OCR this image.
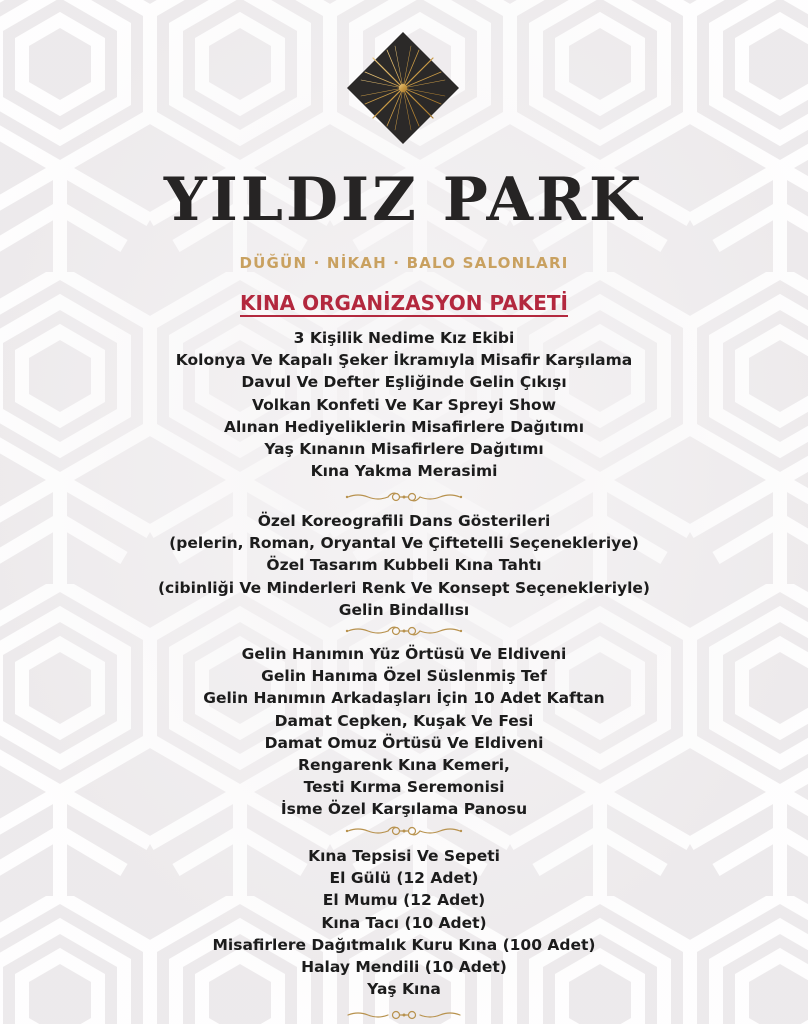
YILDIZ PARK
DÜĞÜN · NİKAH · BALO SALONLARI
KINA ORGANİZASYON PAKETİ
3 Kişilik Nedime Kız Ekibi
Kolonya Ve Kapalı Şeker İkramıyla Misafir Karşılama
Davul Ve Defter Eşliğinde Gelin Çıkışı
Volkan Konfeti Ve Kar Spreyi Show
Alınan Hediyeliklerin Misafirlere Dağıtımı
Yaş Kınanın Misafirlere Dağıtımı
Kına Yakma Merasimi
Özel Koreografili Dans Gösterileri
(pelerin, Roman, Oryantal Ve Çiftetelli Seçenekleriye)
Özel Tasarım Kubbeli Kına Tahtı
(cibinliği Ve Minderleri Renk Ve Konsept Seçenekleriyle)
Gelin Bindallısı
Gelin Hanımın Yüz Örtüsü Ve Eldiveni
Gelin Hanıma Özel Süslenmiş Tef
Gelin Hanımın Arkadaşları İçin 10 Adet Kaftan
Damat Cepken, Kuşak Ve Fesi
Damat Omuz Örtüsü Ve Eldiveni
Rengarenk Kına Kemeri,
Testi Kırma Seremonisi
İsme Özel Karşılama Panosu
Kına Tepsisi Ve Sepeti
El Gülü (12 Adet)
El Mumu (12 Adet)
Kına Tacı (10 Adet)
Misafirlere Dağıtmalık Kuru Kına (100 Adet)
Halay Mendili (10 Adet)
Yaş Kına
